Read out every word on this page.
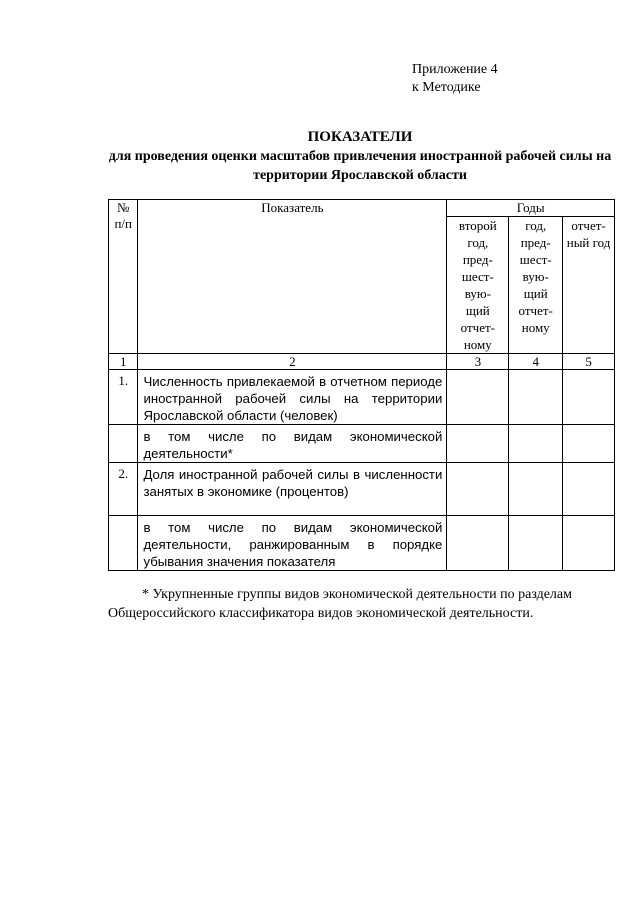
Приложение 4
к Методике
ПОКАЗАТЕЛИ
для проведения оценки масштабов привлечения иностранной рабочей силы на территории Ярославской области
№ п/п	Показатель	Годы		

		второй год, пред-шест-вую-щий отчет-ному	год, пред-шест-вую-щий отчет-ному	отчет-ный год

1	2	3	4	5
1.	Численность привлекаемой в отчетном периоде иностранной рабочей силы на территории Ярославской области (человек)			

	в том числе по видам экономической деятельности*			

2.	Доля иностранной рабочей силы в численности занятых в экономике (процентов)			

	в том числе по видам экономической деятельности, ранжированным в порядке убывания значения показателя			

* Укрупненные группы видов экономической деятельности по разделам Общероссийского классификатора видов экономической деятельности.
